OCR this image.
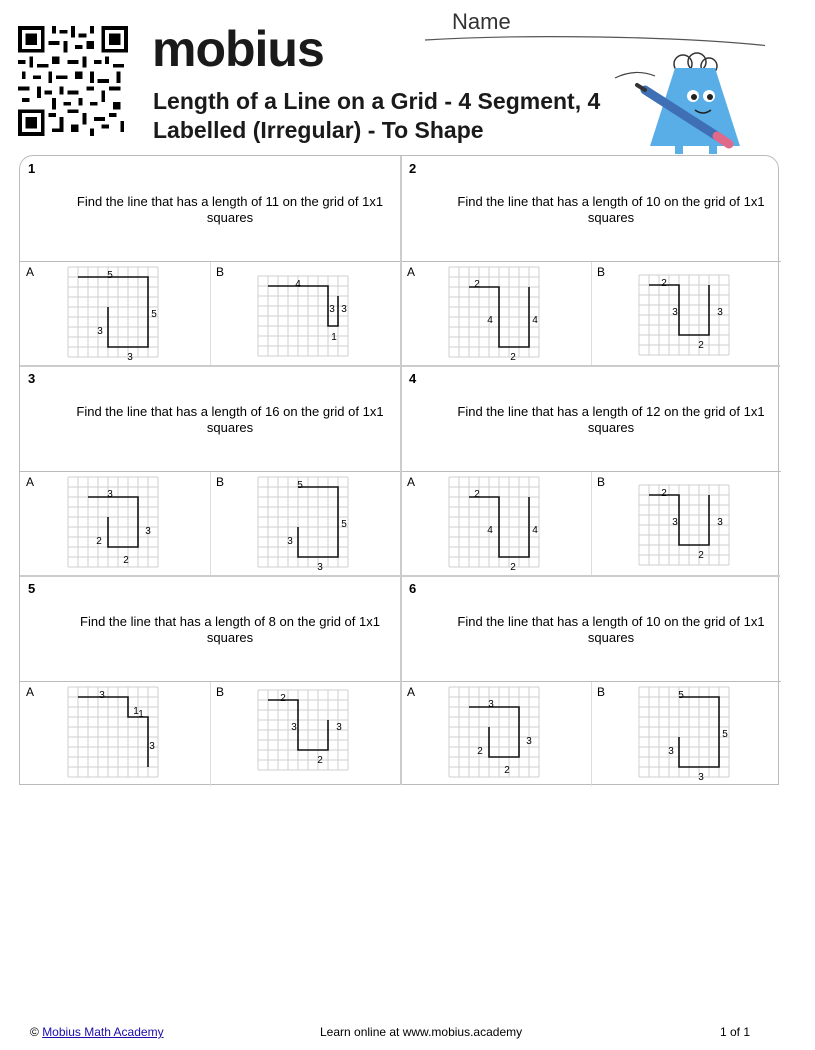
mobius
Length of a Line on a Grid - 4 Segment, 4 Labelled (Irregular) - To Shape
Name
1
Find the line that has a length of 11 on the grid of 1x1 squares
A	5
5
3
3
B
4
3 3
1
2
Find the line that has a length of 10 on the grid of 1x1 squares
A
2
4	4
2
B
2
3	3
2
3
Find the line that has a length of 16 on the grid of 1x1 squares
A
3
3
2
2
B	5
5
3
3
4
Find the line that has a length of 12 on the grid of 1x1 squares
A
2
4	4
2
B
2
3	3
2
5
Find the line that has a length of 8 on the grid of 1x1 squares
A	3
1 1
3
B	2
3	3
2
6
Find the line that has a length of 10 on the grid of 1x1 squares
A
3
3
2
2
B	5
5
3
3
© Mobius Math Academy	Learn online at www.mobius.academy	1 of 1
